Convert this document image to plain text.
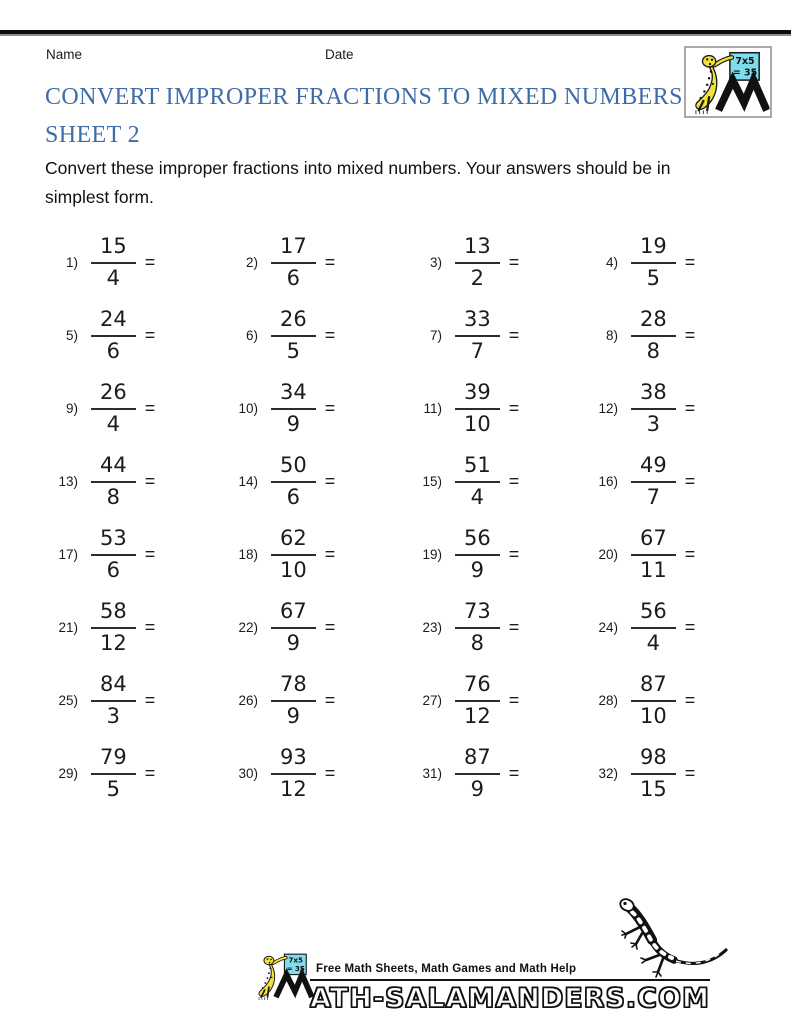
Name	Date
CONVERT IMPROPER FRACTIONS TO MIXED NUMBERS
SHEET 2
Convert these improper fractions into mixed numbers. Your answers should be in
simplest form.
$1) \frac{15}{4}$ =	$2) \frac{17}{6}$ =	$3) \frac{13}{2}$ =	$4) \frac{19}{5}$ =
$5) \frac{24}{6}$ =	$6) \frac{26}{5}$ =	$7) \frac{33}{7}$ =	$8) \frac{28}{8}$ =
$9) \frac{26}{4}$ =	$10) \frac{34}{9}$ =	$11) \frac{39}{10}$ =	$12) \frac{38}{3}$ =
$13) \frac{44}{8}$ =	$14) \frac{50}{6}$ =	$15) \frac{51}{4}$ =	$16) \frac{49}{7}$ =
$17) \frac{53}{6}$ =	$18) \frac{62}{10}$ =	$19) \frac{56}{9}$ =	$20) \frac{67}{11}$ =
$21) \frac{58}{12}$ =	$22) \frac{67}{9}$ =	$23) \frac{73}{8}$ =	$24) \frac{56}{4}$ =
$25) \frac{84}{3}$ =	$26) \frac{78}{9}$ =	$27) \frac{76}{12}$ =	$28) \frac{87}{10}$ =
$29) \frac{79}{5}$ =	$30) \frac{93}{12}$ =	$31) \frac{87}{9}$ =	$32) \frac{98}{15}$ =
Free Math Sheets, Math Games and Math Help
ATH-SALAMANDERS.COM
